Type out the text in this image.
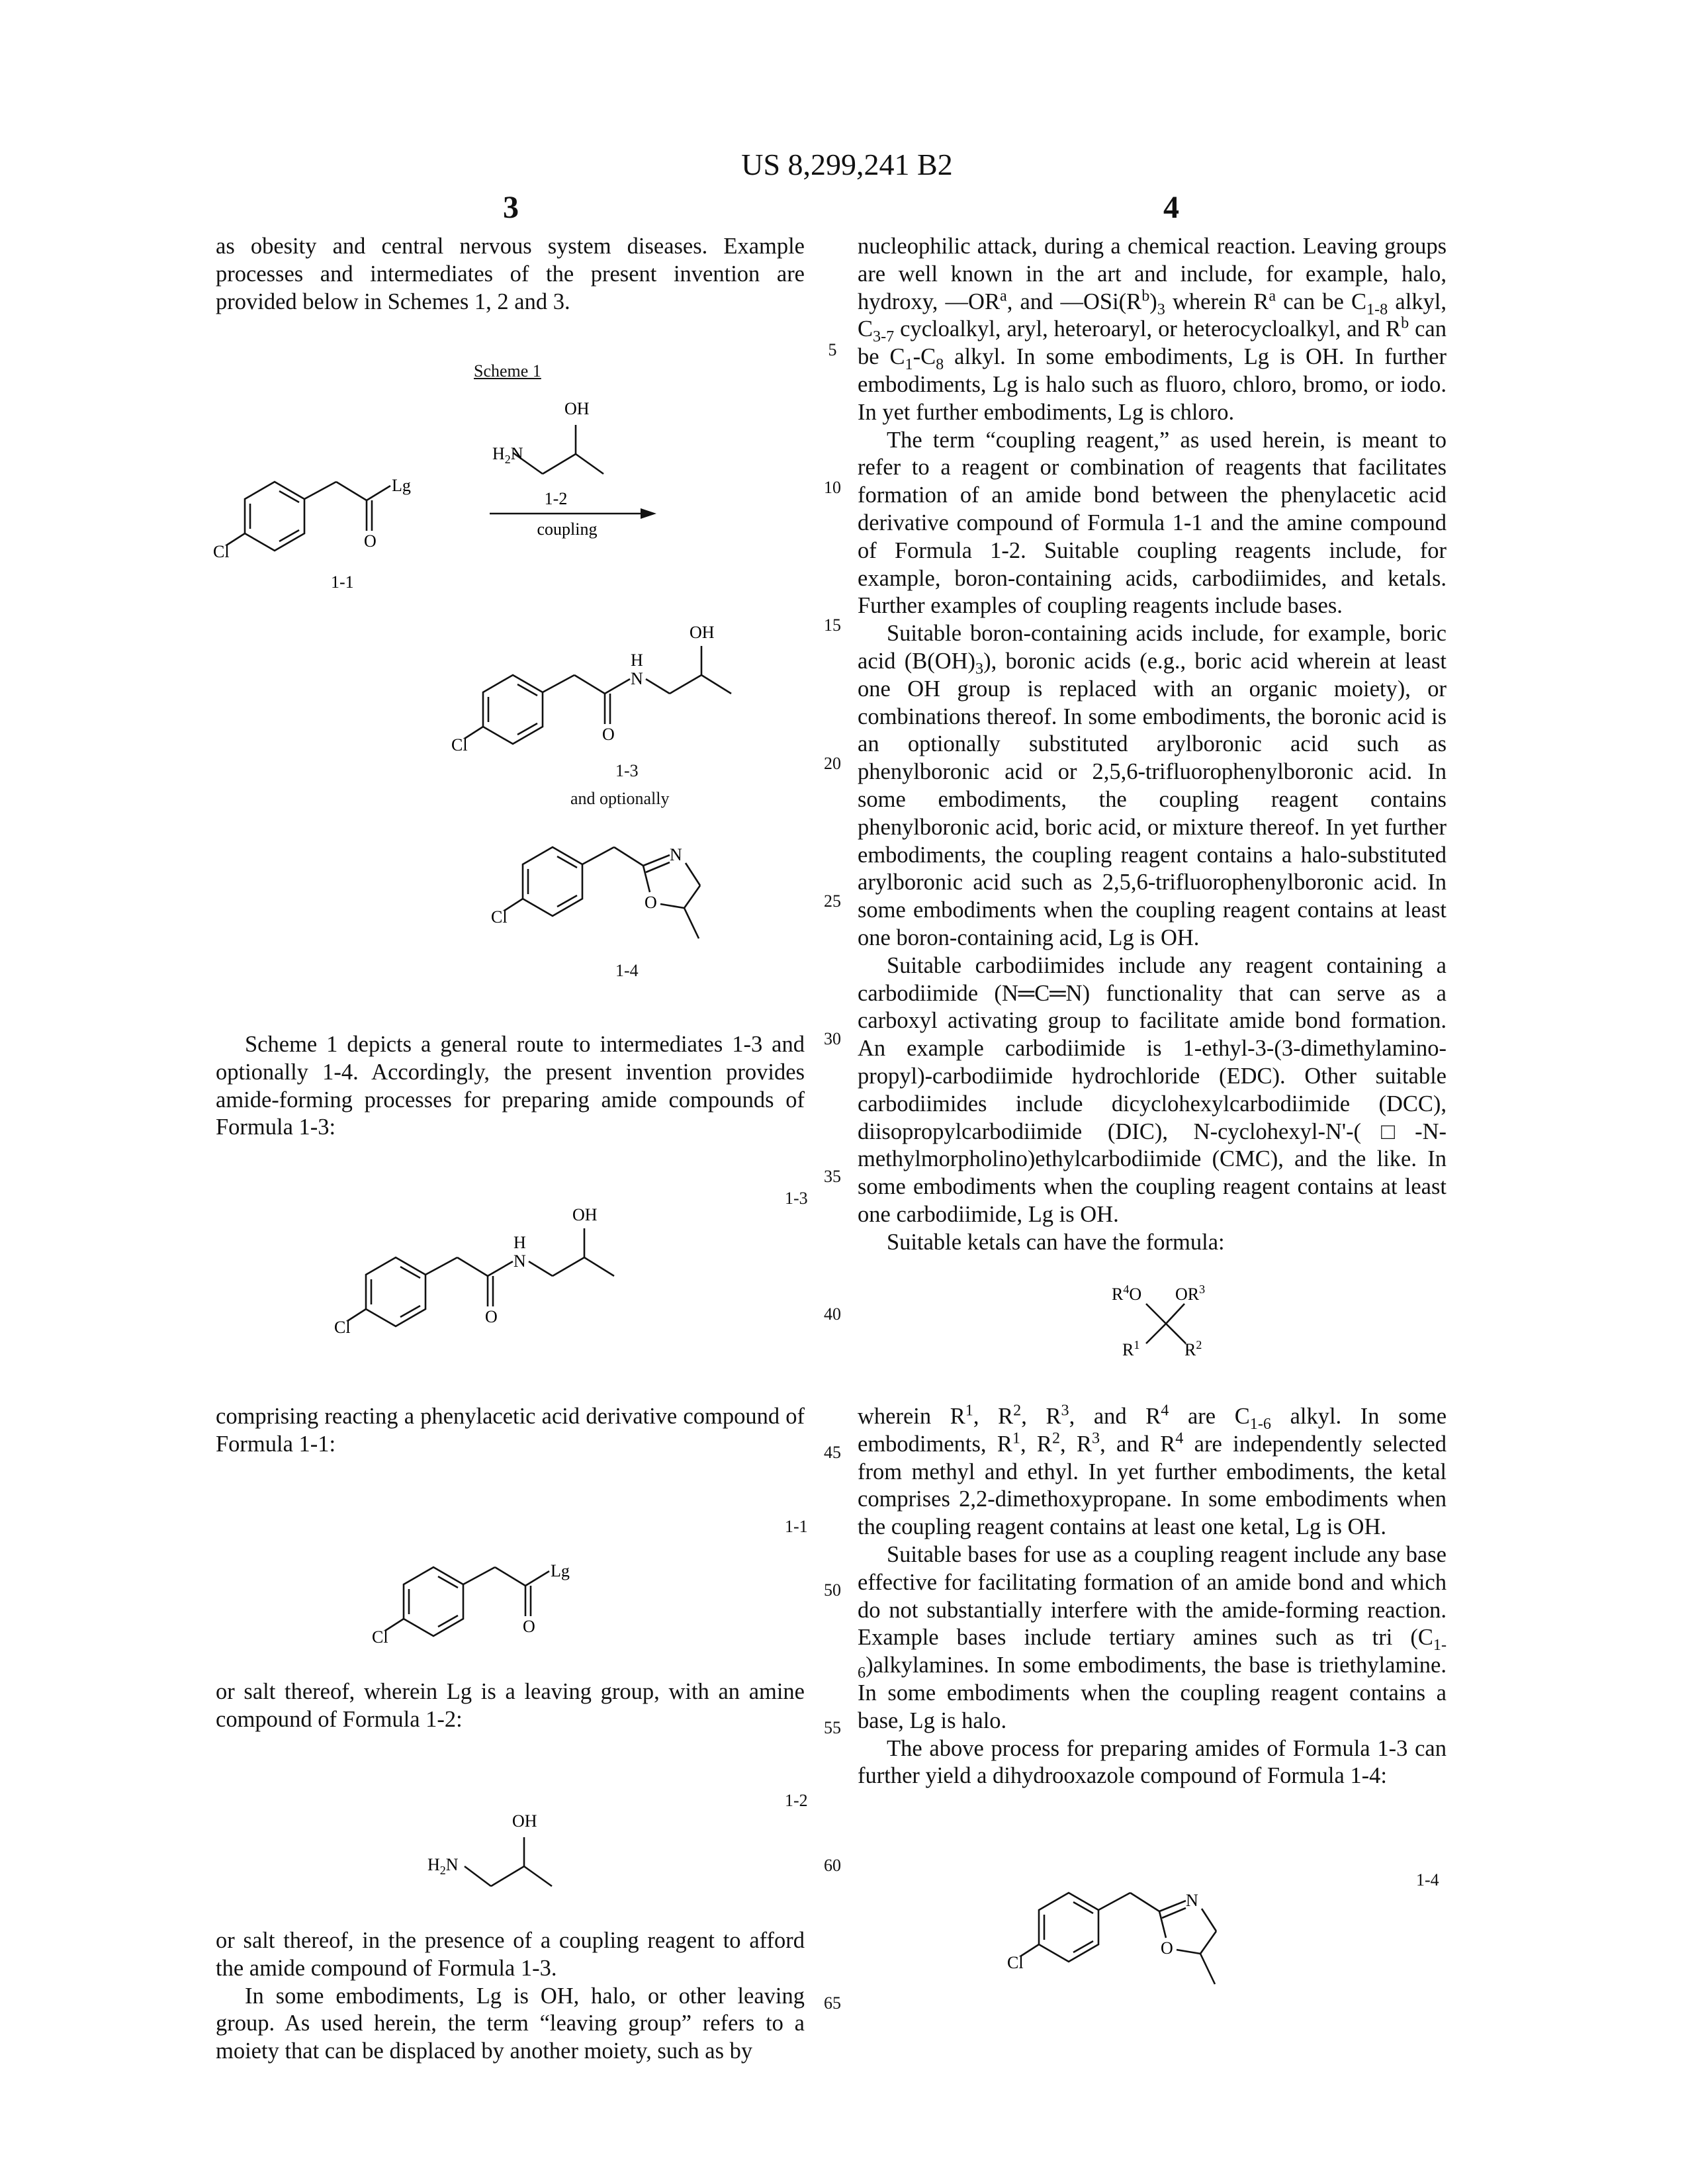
US 8,299,241 B2
3	4
5
10
15
20
25
30
35
40
45
50
55
60
65

as obesity and central nervous system diseases. Example processes and intermediates of the present invention are provided below in Schemes 1, 2 and 3.

Scheme 1
Cl
O
Lg
OH
$H_2N$
1-2
coupling
1-1
Cl
O
H
N
OH
1-3
and optionally
Cl
N
O
1-4

Scheme 1 depicts a general route to intermediates 1-3 and optionally 1-4. Accordingly, the present invention provides amide-forming processes for preparing amide compounds of Formula 1-3:

1-3
Cl
O
H
N
OH

comprising reacting a phenylacetic acid derivative compound of Formula 1-1:

1-1
Cl
O
Lg

or salt thereof, wherein Lg is a leaving group, with an amine compound of Formula 1-2:

1-2
OH
$H_2N$

or salt thereof, in the presence of a coupling reagent to afford the amide compound of Formula 1-3.

In some embodiments, Lg is OH, halo, or other leaving group. As used herein, the term “leaving group” refers to a moiety that can be displaced by another moiety, such as by

nucleophilic attack, during a chemical reaction. Leaving groups are well known in the art and include, for example, halo, hydroxy, $—OR^a$, and $—OSi(R^b)_3$ wherein $R^a$ can be $C_{1-8}$ alkyl, $C_{3-7}$ cycloalkyl, aryl, heteroaryl, or heterocycloalkyl, and $R^b$ can be $C_1-C_8$ alkyl. In some embodiments, Lg is OH. In further embodiments, Lg is halo such as fluoro, chloro, bromo, or iodo. In yet further embodiments, Lg is chloro.

The term “coupling reagent,” as used herein, is meant to refer to a reagent or combination of reagents that facilitates formation of an amide bond between the phenylacetic acid derivative compound of Formula 1-1 and the amine compound of Formula 1-2. Suitable coupling reagents include, for example, boron-containing acids, carbodiimides, and ketals. Further examples of coupling reagents include bases.

Suitable boron-containing acids include, for example, boric acid $(B(OH)_3)$, boronic acids (e.g., boric acid wherein at least one OH group is replaced with an organic moiety), or combinations thereof. In some embodiments, the boronic acid is an optionally substituted arylboronic acid such as phenylboronic acid or 2,5,6-trifluorophenylboronic acid. In some embodiments, the coupling reagent contains phenylboronic acid, boric acid, or mixture thereof. In yet further embodiments, the coupling reagent contains a halo-substituted arylboronic acid such as 2,5,6-trifluorophenylboronic acid. In some embodiments when the coupling reagent contains at least one boron-containing acid, Lg is OH.

Suitable carbodiimides include any reagent containing a carbodiimide (N═C═N) functionality that can serve as a carboxyl activating group to facilitate amide bond formation. An example carbodiimide is 1-ethyl-3-(3-dimethylamino-propyl)-carbodiimide hydrochloride (EDC). Other suitable carbodiimides include dicyclohexylcarbodiimide (DCC), diisopropylcarbodiimide (DIC), N-cyclohexyl-N'-(□-N-methylmorpholino)ethylcarbodiimide (CMC), and the like. In some embodiments when the coupling reagent contains at least one carbodiimide, Lg is OH.

Suitable ketals can have the formula:

$R^4O$ $OR^3$
$R^1$	$R^2$

wherein $R^1$, $R^2$, $R^3$, and $R^4$ are $C_{1-6}$ alkyl. In some embodiments, $R^1$, $R^2$, $R^3$, and $R^4$ are independently selected from methyl and ethyl. In yet further embodiments, the ketal comprises 2,2-dimethoxypropane. In some embodiments when the coupling reagent contains at least one ketal, Lg is OH.

Suitable bases for use as a coupling reagent include any base effective for facilitating formation of an amide bond and which do not substantially interfere with the amide-forming reaction. Example bases include tertiary amines such as tri $(C_{1-6})alkylamines$. In some embodiments, the base is triethylamine. In some embodiments when the coupling reagent contains a base, Lg is halo.

The above process for preparing amides of Formula 1-3 can further yield a dihydrooxazole compound of Formula 1-4:

1-4
Cl
N
O
